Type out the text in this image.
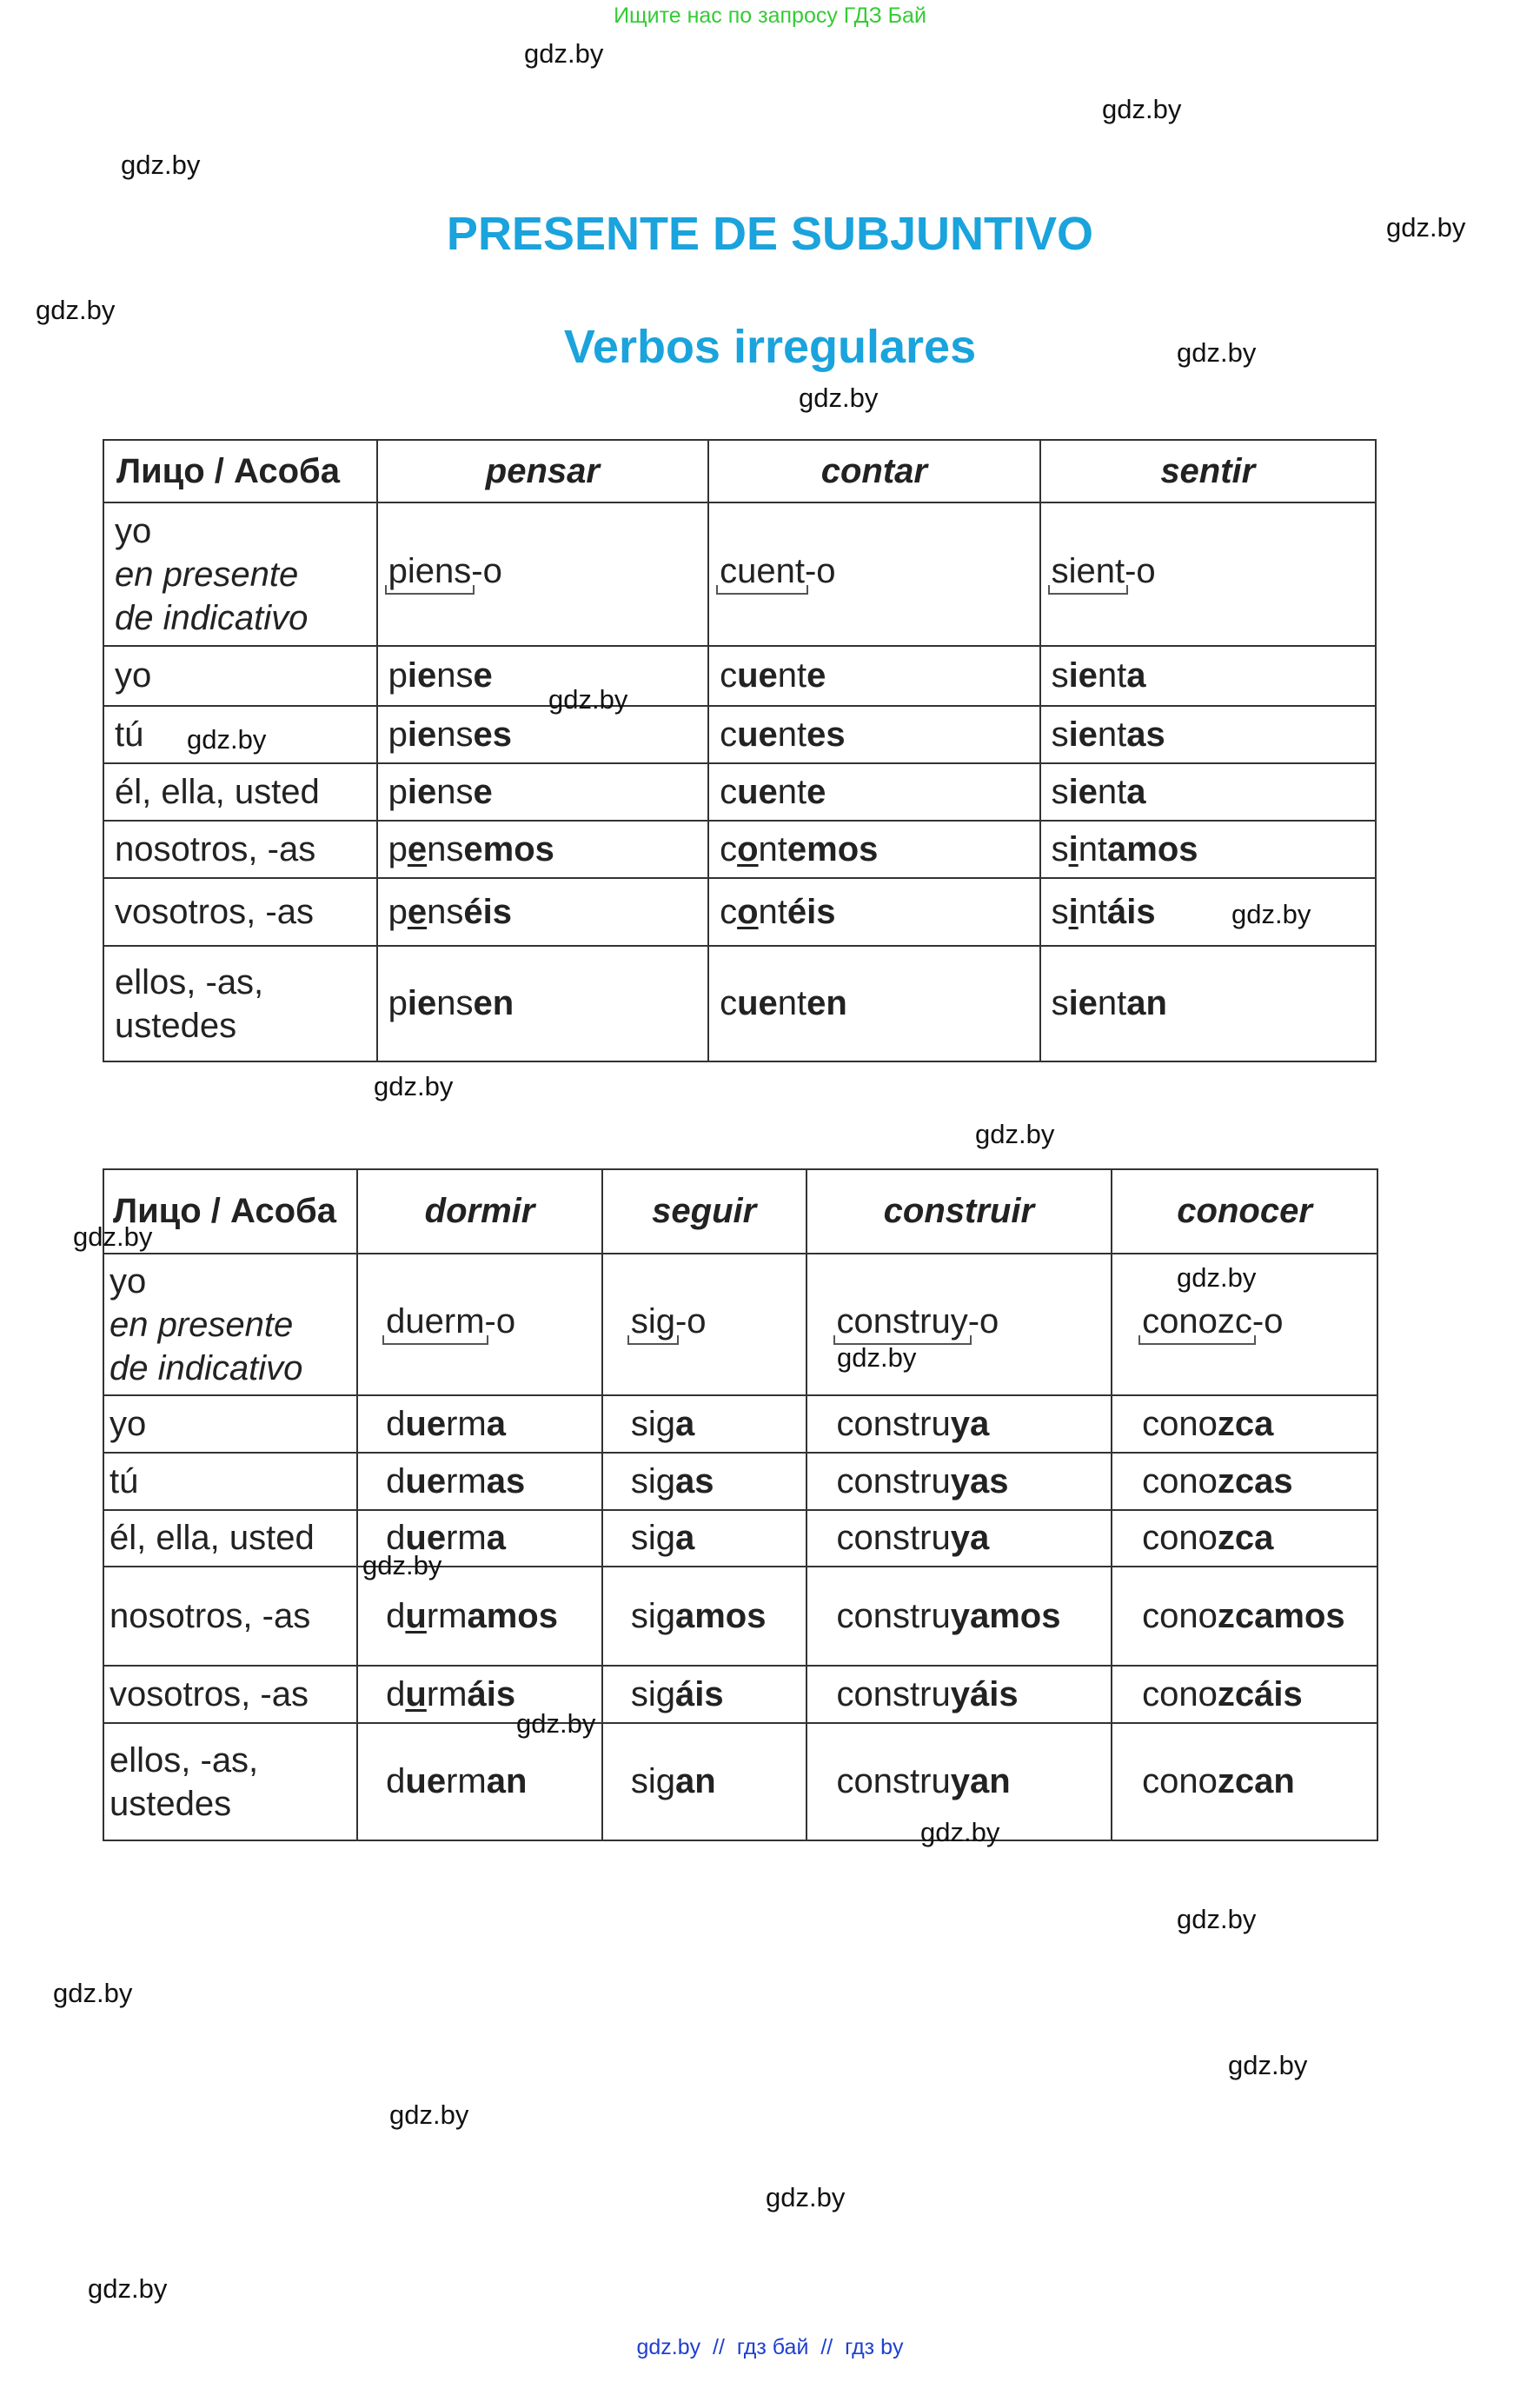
Ищите нас по запросу ГДЗ Бай
gdz.by
gdz.by
gdz.by
gdz.by
gdz.by
gdz.by
gdz.by
gdz.by
gdz.by
gdz.by
gdz.by
gdz.by
gdz.by
gdz.by
gdz.by
gdz.by
gdz.by
gdz.by
gdz.by
gdz.by
gdz.by
gdz.by
gdz.by
gdz.by
PRESENTE DE SUBJUNTIVO
Verbos irregulares
Лицо / Асоба	pensar	contar	sentir

yo
en presente
de indicativo	piens-o	cuent-o	sient-o
yo	piense	cuente	sienta
tú	pienses	cuentes	sientas
él, ella, usted	piense	cuente	sienta
nosotros, -as	pensemos	contemos	sintamos
vosotros, -as	penséis	contéis	sintáis

ellos, -as,
ustedes	piensen	cuenten	sientan
Лицо / Асоба	dormir	seguir	construir	conocer

yo
en presente
de indicativo	duerm-o	sig-o	construy-o	conozc-o
yo	duerma	siga	construya	conozca
tú	duermas	sigas	construyas	conozcas
él, ella, usted	duerma	siga	construya	conozca
nosotros, -as	durmamos	sigamos	construyamos	conozcamos
vosotros, -as	durmáis	sigáis	construyáis	conozcáis

ellos, -as,
ustedes	duerman	sigan	construyan	conozcan
gdz.by  //  гдз бай  //  гдз by
